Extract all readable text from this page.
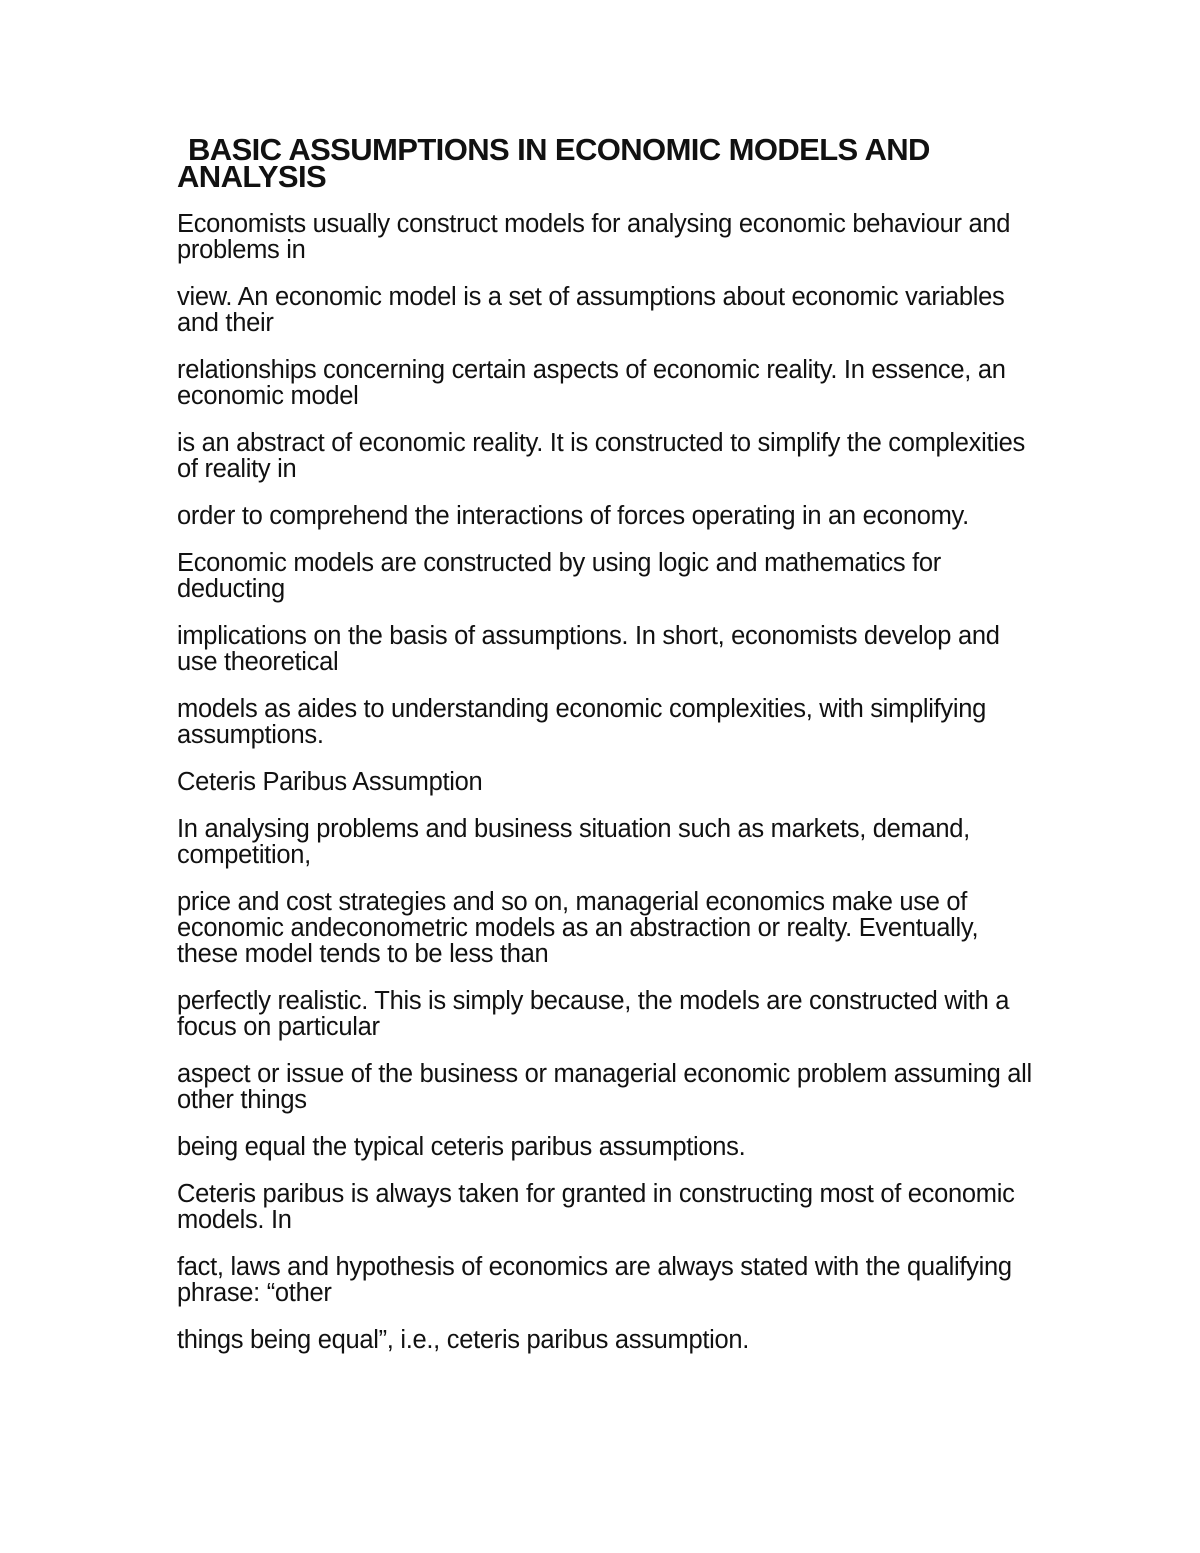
BASIC ASSUMPTIONS IN ECONOMIC MODELS AND ANALYSIS

Economists usually construct models for analysing economic behaviour and problems in

view. An economic model is a set of assumptions about economic variables and their

relationships concerning certain aspects of economic reality. In essence, an economic model

is an abstract of economic reality. It is constructed to simplify the complexities of reality in

order to comprehend the interactions of forces operating in an economy.

Economic models are constructed by using logic and mathematics for deducting

implications on the basis of assumptions. In short, economists develop and use theoretical

models as aides to understanding economic complexities, with simplifying assumptions.

Ceteris Paribus Assumption

In analysing problems and business situation such as markets, demand, competition,

price and cost strategies and so on, managerial economics make use of economic andeconometric models as an abstraction or realty. Eventually, these model tends to be less than

perfectly realistic. This is simply because, the models are constructed with a focus on particular

aspect or issue of the business or managerial economic problem assuming all other things

being equal the typical ceteris paribus assumptions.

Ceteris paribus is always taken for granted in constructing most of economic models. In

fact, laws and hypothesis of economics are always stated with the qualifying phrase: “other

things being equal”, i.e., ceteris paribus assumption.
